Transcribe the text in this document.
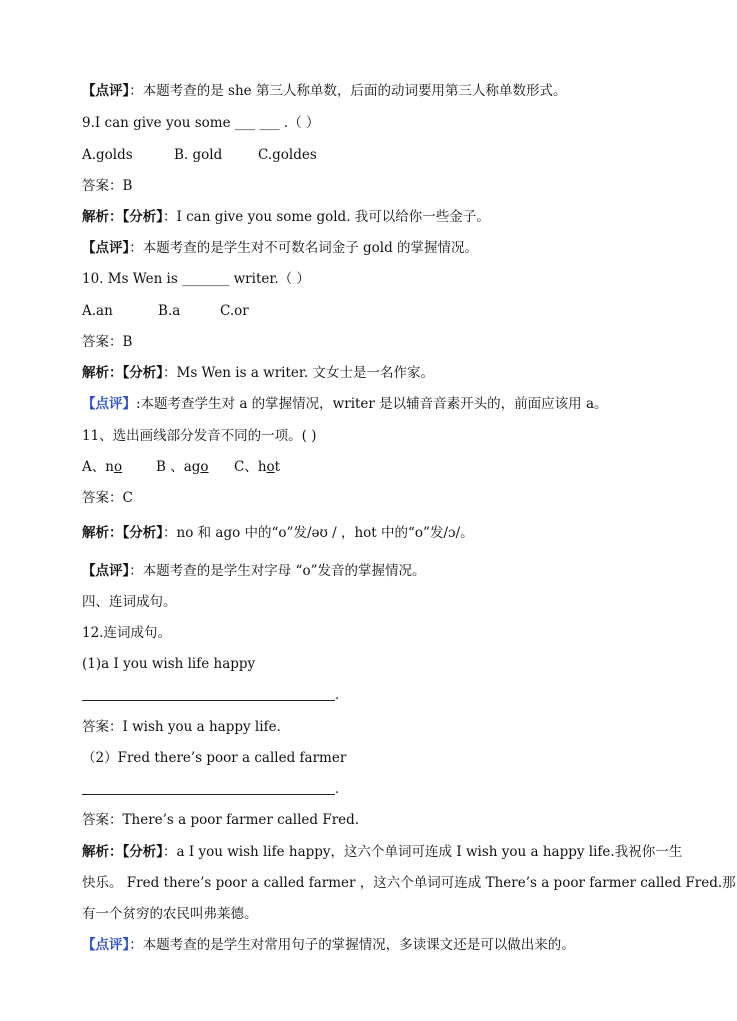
【点评】：本题考查的是 she 第三人称单数，后面的动词要用第三人称单数形式。
9.I can give you some ___ ___ .（ ）
A.golds	B. gold	C.goldes
答案：B
解析：【分析】：I can give you some gold. 我可以给你一些金子。
【点评】：本题考查的是学生对不可数名词金子 gold 的掌握情况。
10. Ms Wen is _______ writer.（ ）
A.an	B.a	C.or
答案：B
解析：【分析】：Ms Wen is a writer. 文女士是一名作家。
【点评】:本题考查学生对 a 的掌握情况，writer 是以辅音音素开头的，前面应该用 a。
11、选出画线部分发音不同的一项。( )
A、no	B 、ago C、hot
答案：C
解析：【分析】：no 和 ago 中的“o”发/əʊ / ，hot 中的“o”发/ɔ/。
【点评】：本题考查的是学生对字母 “o”发音的掌握情况。
四、连词成句。
12.连词成句。
(1)a I you wish life happy
.
答案：I wish you a happy life.
（2）Fred there’s poor a called farmer
.
答案：There’s a poor farmer called Fred.
解析：【分析】：a I you wish life happy，这六个单词可连成 I wish you a happy life.我祝你一生
快乐。 Fred there’s poor a called farmer ，这六个单词可连成 There’s a poor farmer called Fred.那
有一个贫穷的农民叫弗莱德。
【点评】：本题考查的是学生对常用句子的掌握情况，多读课文还是可以做出来的。
